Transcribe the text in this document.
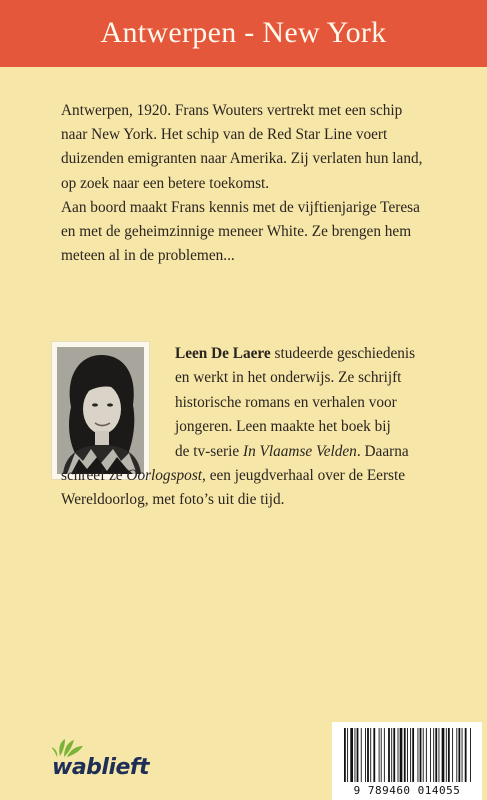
Antwerpen - New York

Antwerpen, 1920. Frans Wouters vertrekt met een schip

naar New York. Het schip van de Red Star Line voert

duizenden emigranten naar Amerika. Zij verlaten hun land,

op zoek naar een betere toekomst.

Aan boord maakt Frans kennis met de vijftienjarige Teresa

en met de geheimzinnige meneer White. Ze brengen hem

meteen al in de problemen...

Leen De Laere studeerde geschiedenis
en werkt in het onderwijs. Ze schrijft
historische romans en verhalen voor
jongeren. Leen maakte het boek bij
de tv-serie In Vlaamse Velden. Daarna
schreef ze Oorlogspost, een jeugdverhaal over de Eerste
Wereldoorlog, met foto’s uit die tijd.
wablieft
9 789460 014055
